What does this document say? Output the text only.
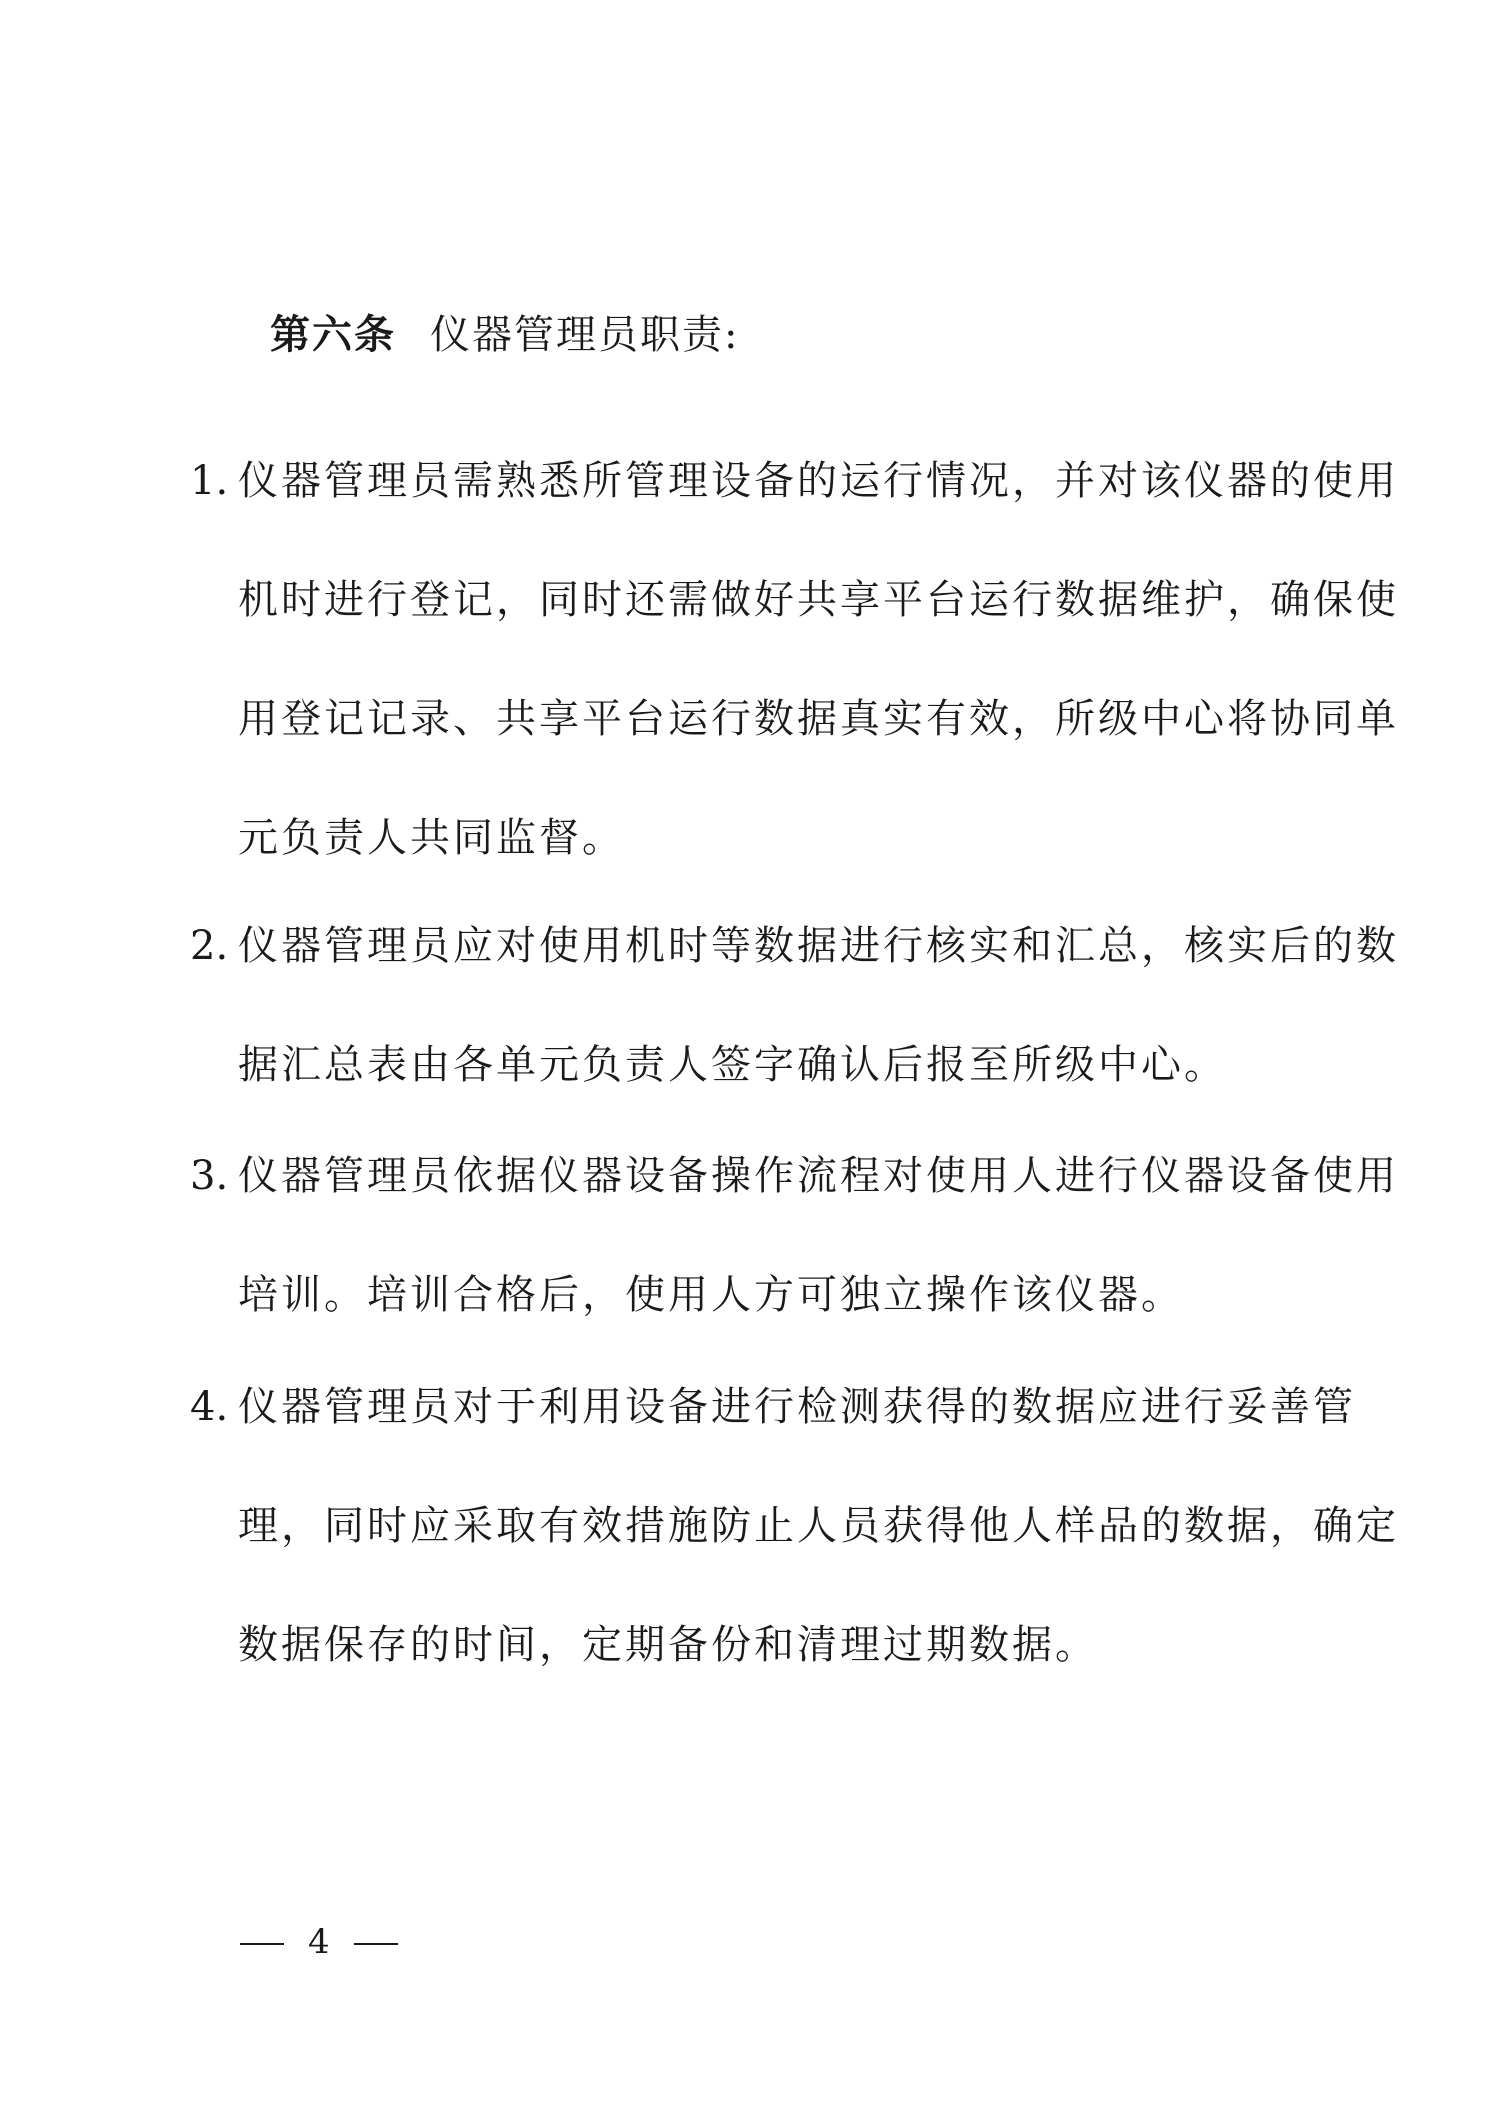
第六条 仪器管理员职责:
1. 仪器管理员需熟悉所管理设备的运行情况，并对该仪器的使用
机时进行登记，同时还需做好共享平台运行数据维护，确保使
用登记记录、共享平台运行数据真实有效，所级中心将协同单
元负责人共同监督。
2. 仪器管理员应对使用机时等数据进行核实和汇总，核实后的数
据汇总表由各单元负责人签字确认后报至所级中心。
3. 仪器管理员依据仪器设备操作流程对使用人进行仪器设备使用
培训。培训合格后，使用人方可独立操作该仪器。
4. 仪器管理员对于利用设备进行检测获得的数据应进行妥善管
理，同时应采取有效措施防止人员获得他人样品的数据，确定
数据保存的时间，定期备份和清理过期数据。
4
